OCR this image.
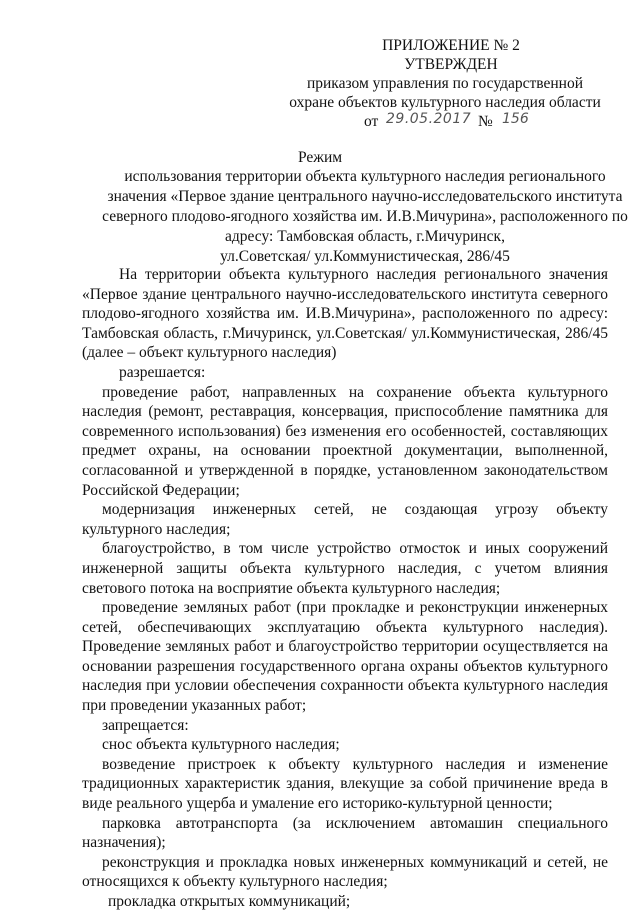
ПРИЛОЖЕНИЕ № 2
УТВЕРЖДЕН
приказом управления по государственной
охране объектов культурного наследия области
от 29.05.2017 № 156
Режим
использования территории объекта культурного наследия регионального
значения «Первое здание центрального научно-исследовательского института
северного плодово-ягодного хозяйства им. И.В.Мичурина», расположенного по
адресу: Тамбовская область, г.Мичуринск,
ул.Советская/ ул.Коммунистическая, 286/45

На территории объекта культурного наследия регионального значения «Первое здание центрального научно-исследовательского института северного плодово-ягодного хозяйства им. И.В.Мичурина», расположенного по адресу: Тамбовская область, г.Мичуринск, ул.Советская/ ул.Коммунистическая, 286/45 (далее – объект культурного наследия)

разрешается:

проведение работ, направленных на сохранение объекта культурного наследия (ремонт, реставрация, консервация, приспособление памятника для современного использования) без изменения его особенностей, составляющих предмет охраны, на основании проектной документации, выполненной, согласованной и утвержденной в порядке, установленном законодательством Российской Федерации;

модернизация инженерных сетей, не создающая угрозу объекту культурного наследия;

благоустройство, в том числе устройство отмосток и иных сооружений инженерной защиты объекта культурного наследия, с учетом влияния светового потока на восприятие объекта культурного наследия;

проведение земляных работ (при прокладке и реконструкции инженерных сетей, обеспечивающих эксплуатацию объекта культурного наследия). Проведение земляных работ и благоустройство территории осуществляется на основании разрешения государственного органа охраны объектов культурного наследия при условии обеспечения сохранности объекта культурного наследия при проведении указанных работ;

запрещается:

снос объекта культурного наследия;

возведение пристроек к объекту культурного наследия и изменение традиционных характеристик здания, влекущие за собой причинение вреда в виде реального ущерба и умаление его историко-культурной ценности;

парковка автотранспорта (за исключением автомашин специального назначения);

реконструкция и прокладка новых инженерных коммуникаций и сетей, не относящихся к объекту культурного наследия;

прокладка открытых коммуникаций;
